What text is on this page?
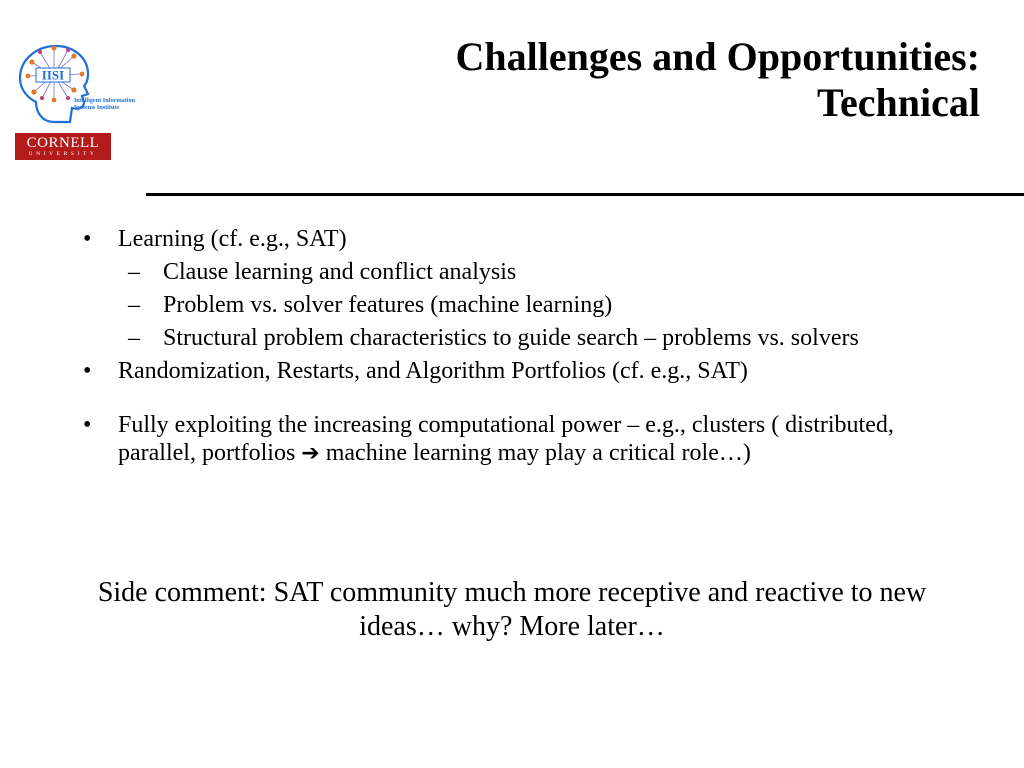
IISI
Intelligent Information
Systems Institute
CORNELL
UNIVERSITY
Challenges and Opportunities:
Technical
• Learning (cf. e.g., SAT)
– Clause learning and conflict analysis
– Problem vs. solver features (machine learning)
– Structural problem characteristics to guide search – problems vs. solvers
• Randomization, Restarts, and Algorithm Portfolios (cf. e.g., SAT)
• Fully exploiting the increasing computational power – e.g., clusters ( distributed, parallel, portfolios ➔ machine learning may play a critical role…)
Side comment: SAT community much more receptive and reactive to new ideas… why? More later…
